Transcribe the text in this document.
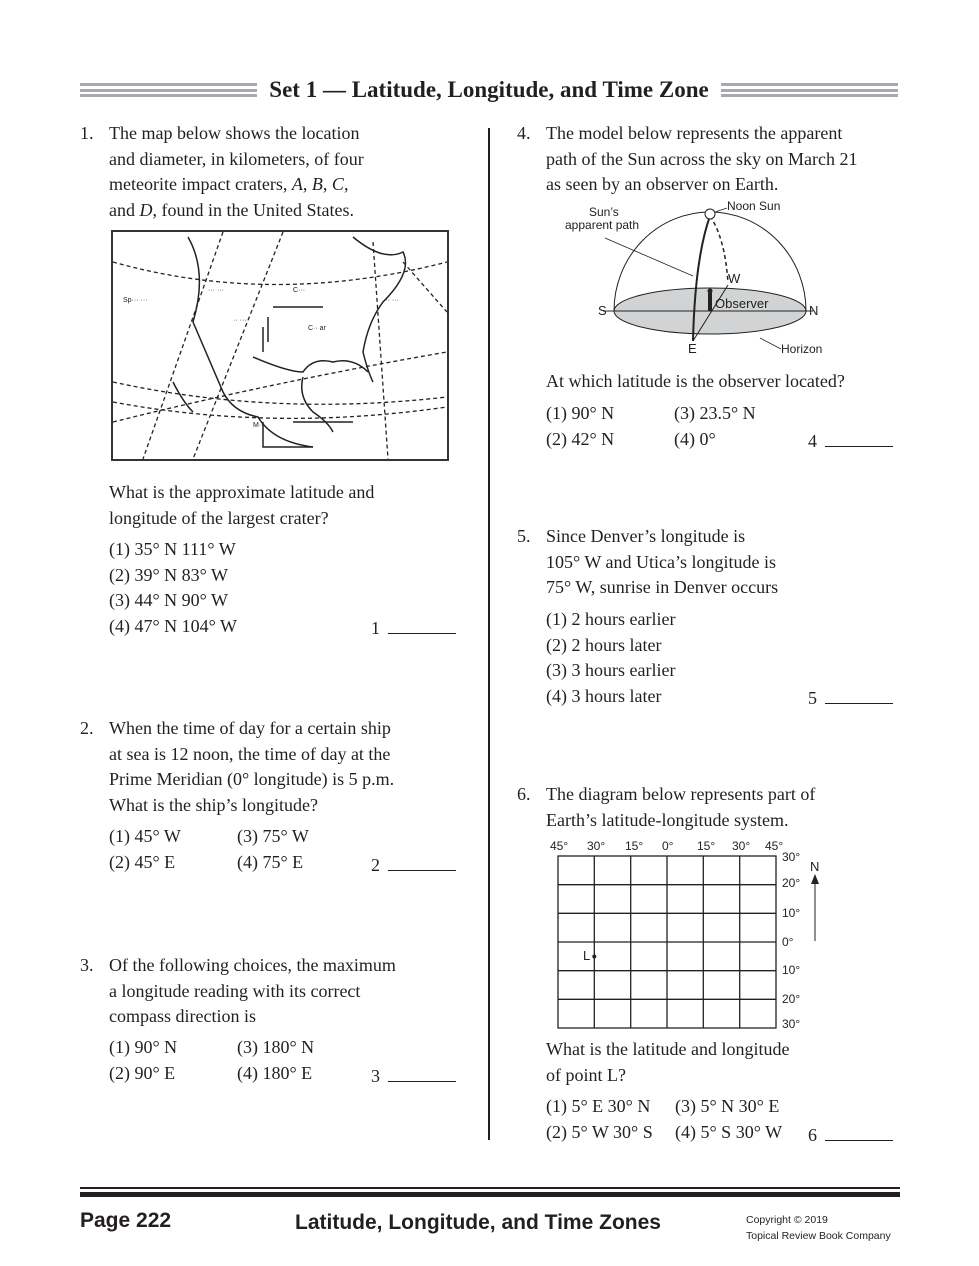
Set 1 — Latitude, Longitude, and Time Zone
1. The map below shows the location
and diameter, in kilometers, of four
meteorite impact craters, A, B, C,
and D, found in the United States.
Sp··· ···
··· ···	C···
··· ···
·· ···
C·· ar
M··
What is the approximate latitude and
longitude of the largest crater?
(1) 35° N 111° W
(2) 39° N 83° W
(3) 44° N 90° W
(4) 47° N 104° W	1
2. When the time of day for a certain ship
at sea is 12 noon, the time of day at the
Prime Meridian (0° longitude) is 5 p.m.
What is the ship’s longitude?
(1) 45° W	(3) 75° W
(2) 45° E	(4) 75° E	2
3. Of the following choices, the maximum
a longitude reading with its correct
compass direction is
(1) 90° N	(3) 180° N
(2) 90° E	(4) 180° E	3
4. The model below represents the apparent
path of the Sun across the sky on March 21
as seen by an observer on Earth.
Noon Sun
Sun’s
apparent path
W
Observer
S	N
E	Horizon
At which latitude is the observer located?
(1) 90° N	(3) 23.5° N
(2) 42° N	(4) 0°	4
5. Since Denver’s longitude is
105° W and Utica’s longitude is
75° W, sunrise in Denver occurs
(1) 2 hours earlier
(2) 2 hours later
(3) 3 hours earlier
(4) 3 hours later	5
6. The diagram below represents part of
Earth’s latitude-longitude system.
45° 30° 15° 0° 15° 30° 45°
30°
20°
10°
0°
10°
20°
30°
N
L
What is the latitude and longitude
of point L?
(1) 5° E 30° N (3) 5° N 30° E
(2) 5° W 30° S (4) 5° S 30° W 6
Page 222	Latitude, Longitude, and Time Zones	Copyright © 2019
Topical Review Book Company
